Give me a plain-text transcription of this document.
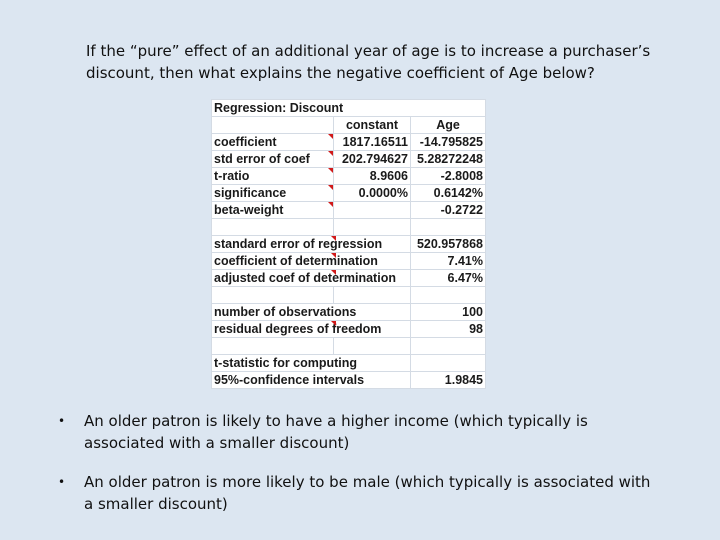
If the “pure” effect of an additional year of age is to increase a purchaser’s discount, then what explains the negative coefficient of Age below?
Regression: Discount		
	constant	Age
coefficient	1817.16511	-14.795825
std error of coef	202.794627	5.28272248
t-ratio	8.9606	-2.8008
significance	0.0000%	0.6142%
beta-weight		-0.2722

standard error of regression		520.957868
coefficient of determination		7.41%
adjusted coef of determination		6.47%

number of observations		100
residual degrees of freedom		98

t-statistic for computing		
95%-confidence intervals		1.9845
• An older patron is likely to have a higher income (which typically is associated with a smaller discount)
• An older patron is more likely to be male (which typically is associated with a smaller discount)
